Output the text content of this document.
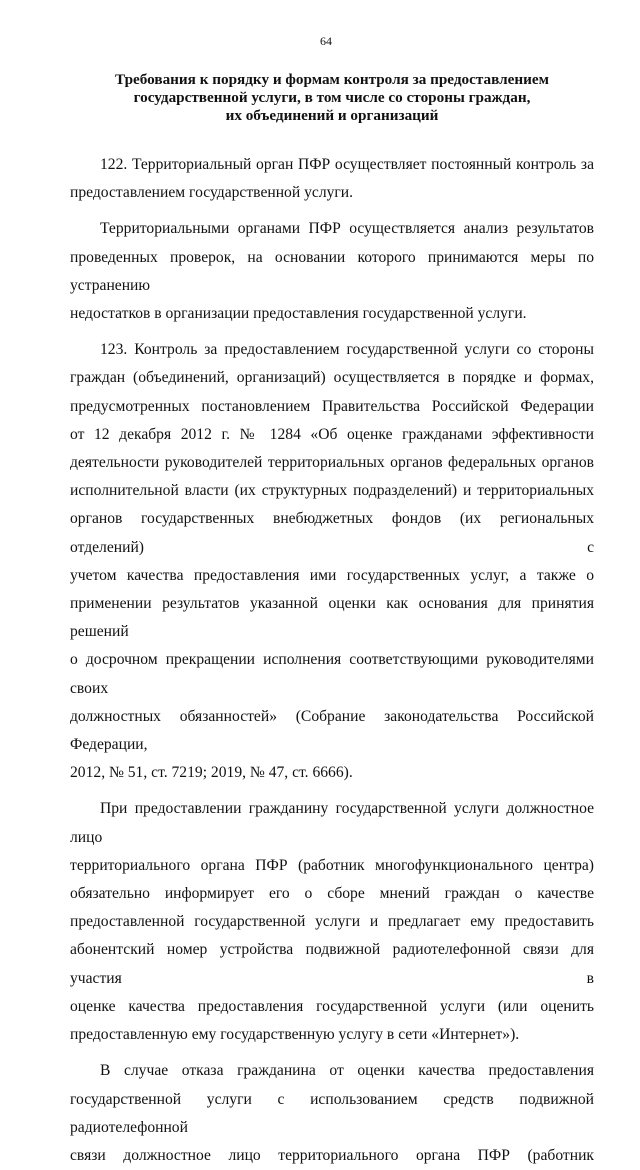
64
Требования к порядку и формам контроля за предоставлением
государственной услуги, в том числе со стороны граждан,
их объединений и организаций
122. Территориальный орган ПФР осуществляет постоянный контроль за
предоставлением государственной услуги.
Территориальными органами ПФР осуществляется анализ результатов
проведенных проверок, на основании которого принимаются меры по устранению
недостатков в организации предоставления государственной услуги.
123. Контроль за предоставлением государственной услуги со стороны
граждан (объединений, организаций) осуществляется в порядке и формах,
предусмотренных постановлением Правительства Российской Федерации
от 12 декабря 2012 г. № 1284 «Об оценке гражданами эффективности
деятельности руководителей территориальных органов федеральных органов
исполнительной власти (их структурных подразделений) и территориальных
органов государственных внебюджетных фондов (их региональных отделений) с
учетом качества предоставления ими государственных услуг, а также о
применении результатов указанной оценки как основания для принятия решений
о досрочном прекращении исполнения соответствующими руководителями своих
должностных обязанностей» (Собрание законодательства Российской Федерации,
2012, № 51, ст. 7219; 2019, № 47, ст. 6666).
При предоставлении гражданину государственной услуги должностное лицо
территориального органа ПФР (работник многофункционального центра)
обязательно информирует его о сборе мнений граждан о качестве
предоставленной государственной услуги и предлагает ему предоставить
абонентский номер устройства подвижной радиотелефонной связи для участия в
оценке качества предоставления государственной услуги (или оценить
предоставленную ему государственную услугу в сети «Интернет»).
В случае отказа гражданина от оценки качества предоставления
государственной услуги с использованием средств подвижной радиотелефонной
связи должностное лицо территориального органа ПФР (работник
